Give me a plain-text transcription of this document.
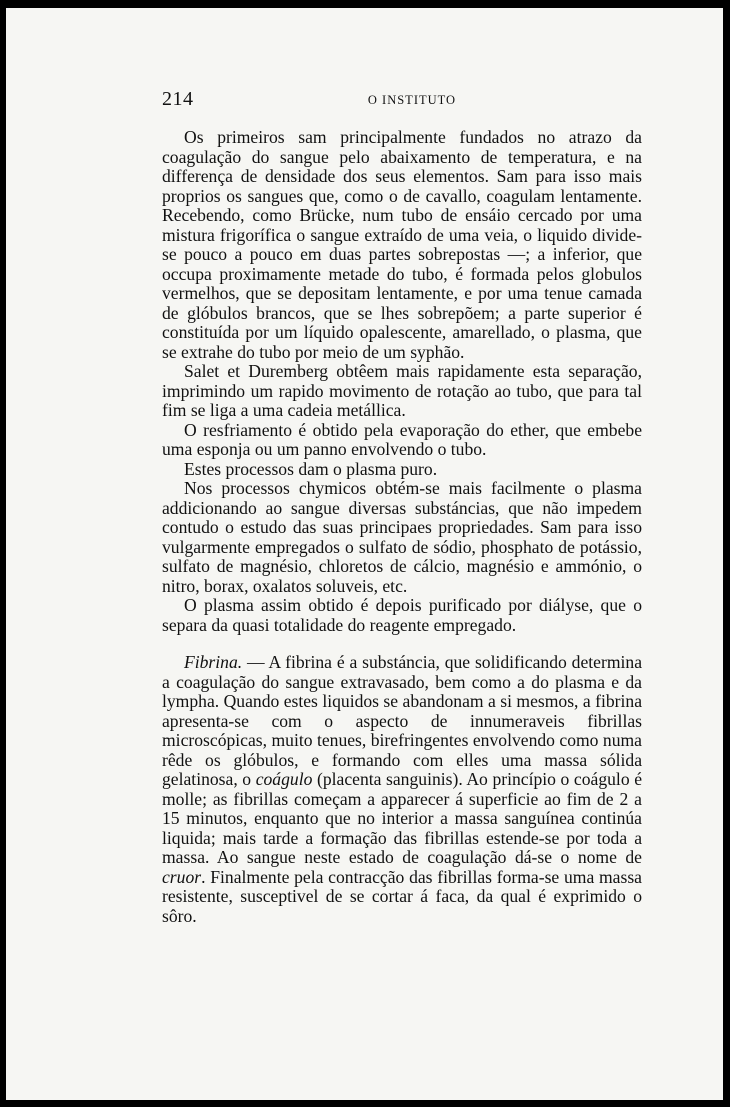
214	O INSTITUTO

Os primeiros sam principalmente fundados no atrazo da coagulação do sangue pelo abaixamento de temperatura, e na differença de densidade dos seus elementos. Sam para isso mais proprios os sangues que, como o de cavallo, coagulam lentamente. Recebendo, como Brücke, num tubo de ensáio cercado por uma mistura frigorífica o sangue extraído de uma veia, o liquido divide-se pouco a pouco em duas partes sobrepostas —; a inferior, que occupa proximamente metade do tubo, é formada pelos globulos vermelhos, que se depositam lentamente, e por uma tenue camada de glóbulos brancos, que se lhes sobrepõem; a parte superior é constituída por um líquido opalescente, amarellado, o plasma, que se extrahe do tubo por meio de um syphão.

Salet et Duremberg obtêem mais rapidamente esta separação, imprimindo um rapido movimento de rotação ao tubo, que para tal fim se liga a uma cadeia metállica.

O resfriamento é obtido pela evaporação do ether, que embebe uma esponja ou um panno envolvendo o tubo.

Estes processos dam o plasma puro.

Nos processos chymicos obtém-se mais facilmente o plasma addicionando ao sangue diversas substáncias, que não impedem contudo o estudo das suas principaes propriedades. Sam para isso vulgarmente empregados o sulfato de sódio, phosphato de potássio, sulfato de magnésio, chloretos de cálcio, magnésio e ammónio, o nitro, borax, oxalatos soluveis, etc.

O plasma assim obtido é depois purificado por diályse, que o separa da quasi totalidade do reagente empregado.

Fibrina. — A fibrina é a substáncia, que solidificando determina a coagulação do sangue extravasado, bem como a do plasma e da lympha. Quando estes liquidos se abandonam a si mesmos, a fibrina apresenta-se com o aspecto de innumeraveis fibrillas microscópicas, muito tenues, birefringentes envolvendo como numa rêde os glóbulos, e formando com elles uma massa sólida gelatinosa, o coágulo (placenta sanguinis). Ao princípio o coágulo é molle; as fibrillas começam a apparecer á superficie ao fim de 2 a 15 minutos, enquanto que no interior a massa sanguínea continúa liquida; mais tarde a formação das fibrillas estende-se por toda a massa. Ao sangue neste estado de coagulação dá-se o nome de cruor. Finalmente pela contracção das fibrillas forma-se uma massa resistente, susceptivel de se cortar á faca, da qual é exprimido o sôro.
